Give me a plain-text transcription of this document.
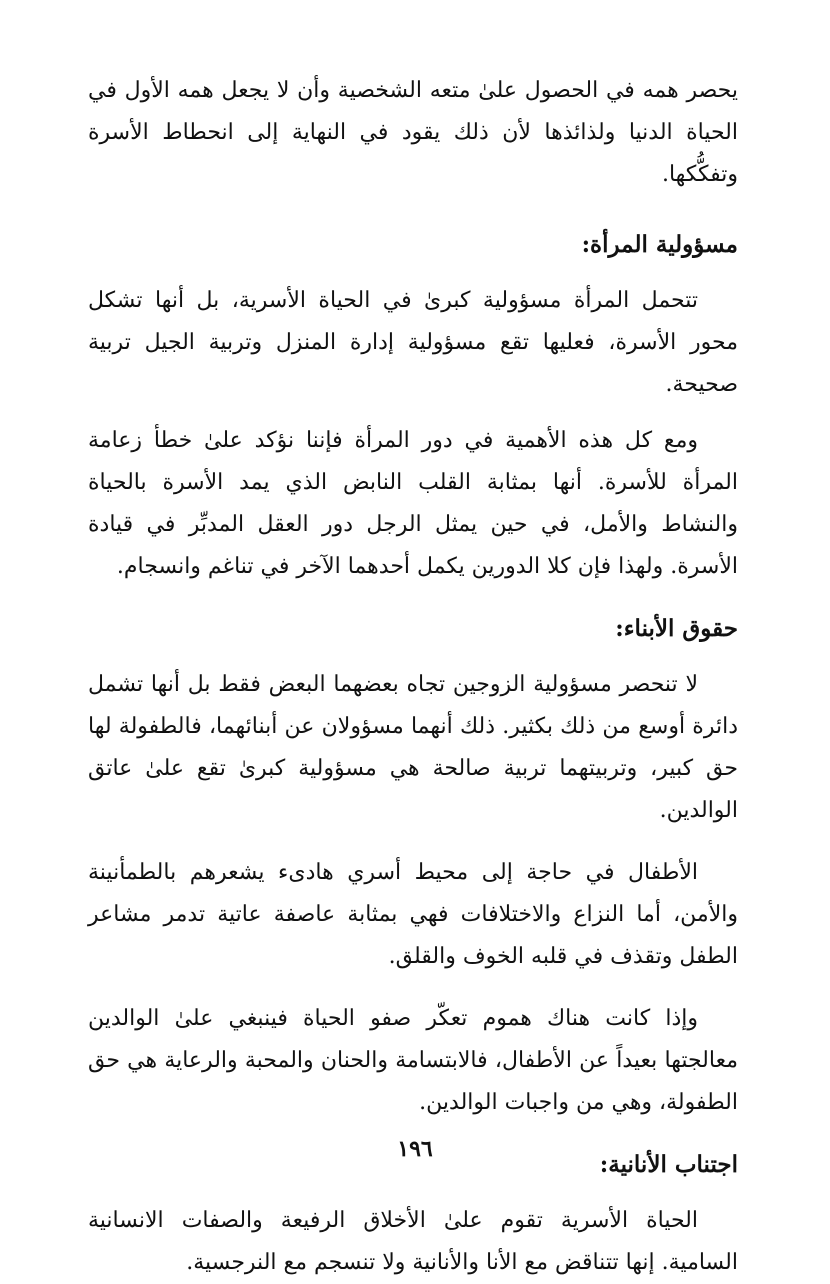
يحصر همه في الحصول علىٰ متعه الشخصية وأن لا يجعل همه الأول في الحياة الدنيا ولذائذها لأن ذلك يقود في النهاية إلى انحطاط الأسرة وتفكُّكها.

مسؤولية المرأة:

تتحمل المرأة مسؤولية كبرىٰ في الحياة الأسرية، بل أنها تشكل محور الأسرة، فعليها تقع مسؤولية إدارة المنزل وتربية الجيل تربية صحيحة.

ومع كل هذه الأهمية في دور المرأة فإننا نؤكد علىٰ خطأ زعامة المرأة للأسرة. أنها بمثابة القلب النابض الذي يمد الأسرة بالحياة والنشاط والأمل، في حين يمثل الرجل دور العقل المدبِّر في قيادة الأسرة. ولهذا فإن كلا الدورين يكمل أحدهما الآخر في تناغم وانسجام.

حقوق الأبناء:

لا تنحصر مسؤولية الزوجين تجاه بعضهما البعض فقط بل أنها تشمل دائرة أوسع من ذلك بكثير. ذلك أنهما مسؤولان عن أبنائهما، فالطفولة لها حق كبير، وتربيتهما تربية صالحة هي مسؤولية كبرىٰ تقع علىٰ عاتق الوالدين.

الأطفال في حاجة إلى محيط أسري هادىء يشعرهم بالطمأنينة والأمن، أما النزاع والاختلافات فهي بمثابة عاصفة عاتية تدمر مشاعر الطفل وتقذف في قلبه الخوف والقلق.

وإذا كانت هناك هموم تعكّر صفو الحياة فينبغي علىٰ الوالدين معالجتها بعيداً عن الأطفال، فالابتسامة والحنان والمحبة والرعاية هي حق الطفولة، وهي من واجبات الوالدين.

اجتناب الأنانية:

الحياة الأسرية تقوم علىٰ الأخلاق الرفيعة والصفات الانسانية السامية. إنها تتناقض مع الأنا والأنانية ولا تنسجم مع النرجسية.

١٩٦
